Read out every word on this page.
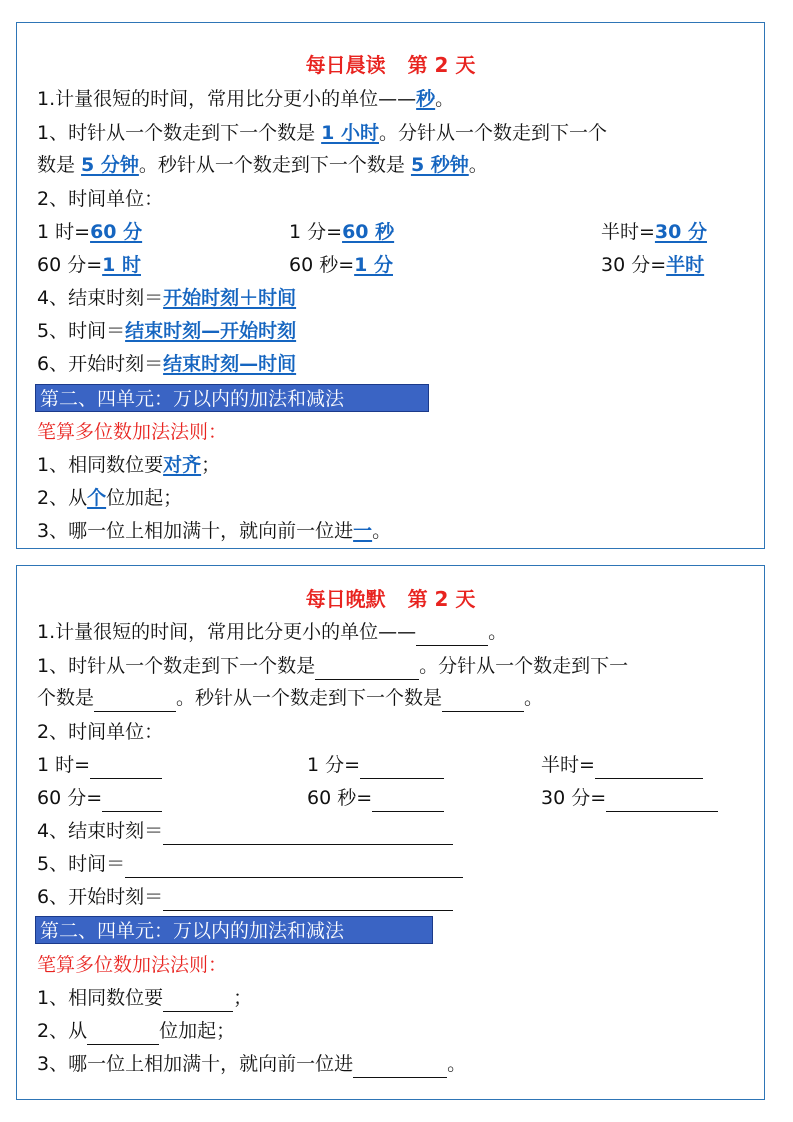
每日晨读 第 2 天
1.计量很短的时间，常用比分更小的单位——秒。
1、时针从一个数走到下一个数是 1 小时。分针从一个数走到下一个
数是 5 分钟。秒针从一个数走到下一个数是 5 秒钟。
2、时间单位：
1 时=60 分	1 分=60 秒	半时=30 分
60 分=1 时	60 秒=1 分	30 分=半时
4、结束时刻＝开始时刻＋时间
5、时间＝结束时刻—开始时刻
6、开始时刻＝结束时刻—时间
第二、四单元：万以内的加法和减法
笔算多位数加法法则：
1、相同数位要对齐；
2、从个位加起；
3、哪一位上相加满十，就向前一位进一。
每日晚默 第 2 天
1.计量很短的时间，常用比分更小的单位——	。
1、时针从一个数走到下一个数是	。分针从一个数走到下一
个数是	。秒针从一个数走到下一个数是	。
2、时间单位：
1 时=	1 分=	半时=
60 分=	60 秒=	30 分=
4、结束时刻＝
5、时间＝
6、开始时刻＝
第二、四单元：万以内的加法和减法
笔算多位数加法法则：
1、相同数位要	；
2、从	位加起；
3、哪一位上相加满十，就向前一位进	。
